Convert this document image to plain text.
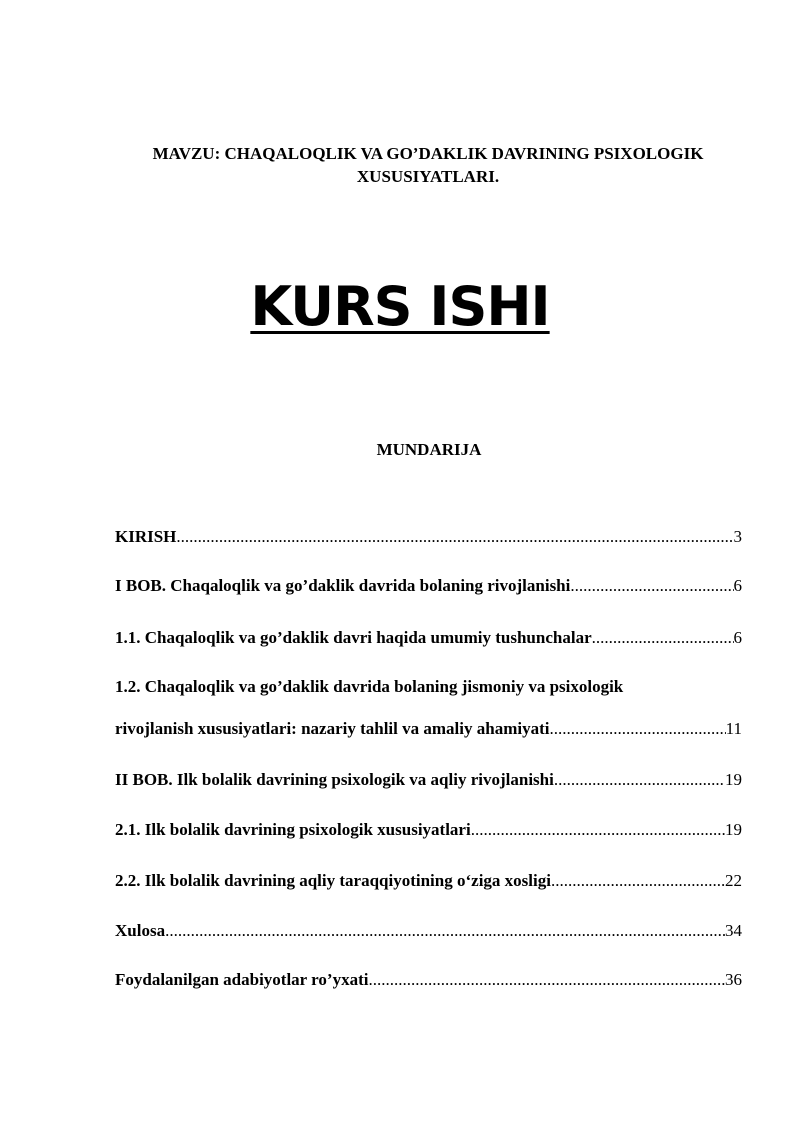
MAVZU: CHAQALOQLIK VA GO’DAKLIK DAVRINING PSIXOLOGIK XUSUSIYATLARI.
KURS ISHI
MUNDARIJA
KIRISH .....	3
I BOB. Chaqaloqlik va go’daklik davrida bolaning rivojlanishi .....	6
1.1. Chaqaloqlik va go’daklik davri haqida umumiy tushunchalar .....	6
1.2. Chaqaloqlik va go’daklik davrida bolaning jismoniy va psixologik
rivojlanish xususiyatlari: nazariy tahlil va amaliy ahamiyati .....	11
II BOB. Ilk bolalik davrining psixologik va aqliy rivojlanishi .....	19
2.1. Ilk bolalik davrining psixologik xususiyatlari .....	19
2.2. Ilk bolalik davrining aqliy taraqqiyotining o‘ziga xosligi .....	22
Xulosa .....	34
Foydalanilgan adabiyotlar ro’yxati .....	36
